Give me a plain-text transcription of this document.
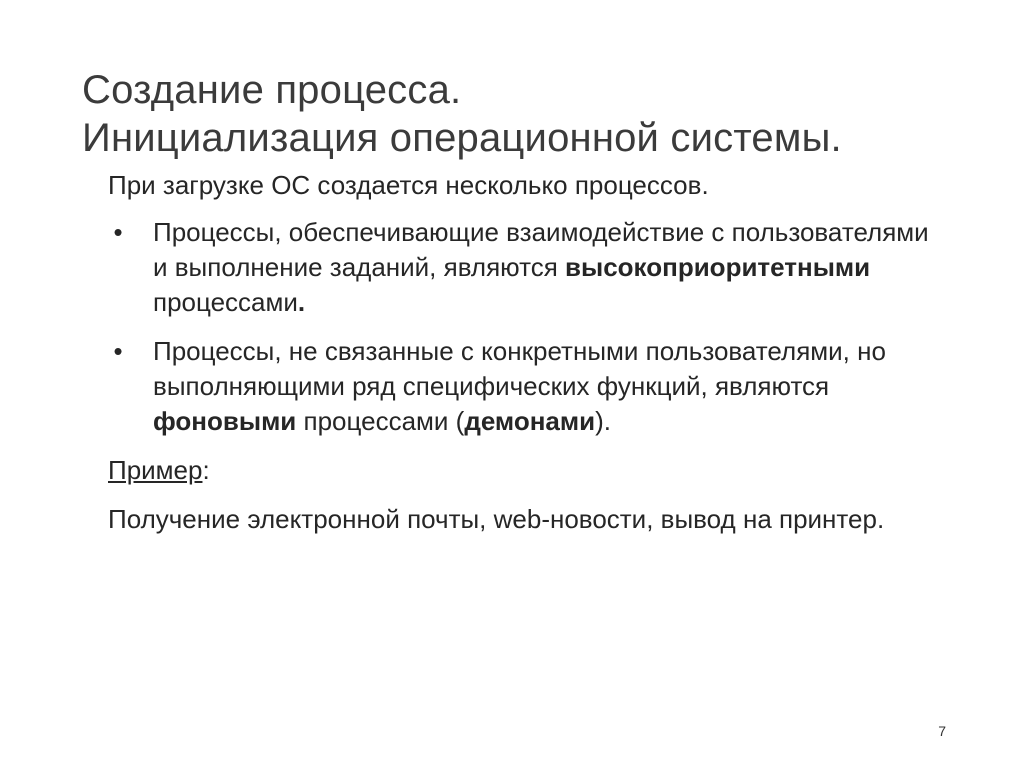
Создание процесса.
Инициализация операционной системы.
При загрузке ОС создается несколько процессов.
• Процессы, обеспечивающие взаимодействие с пользователями и выполнение заданий, являются высокоприоритетными процессами.
• Процессы, не связанные с конкретными пользователями, но выполняющими ряд специфических функций, являются фоновыми процессами (демонами).
Пример:
Получение электронной почты, web-новости, вывод на принтер.
7
